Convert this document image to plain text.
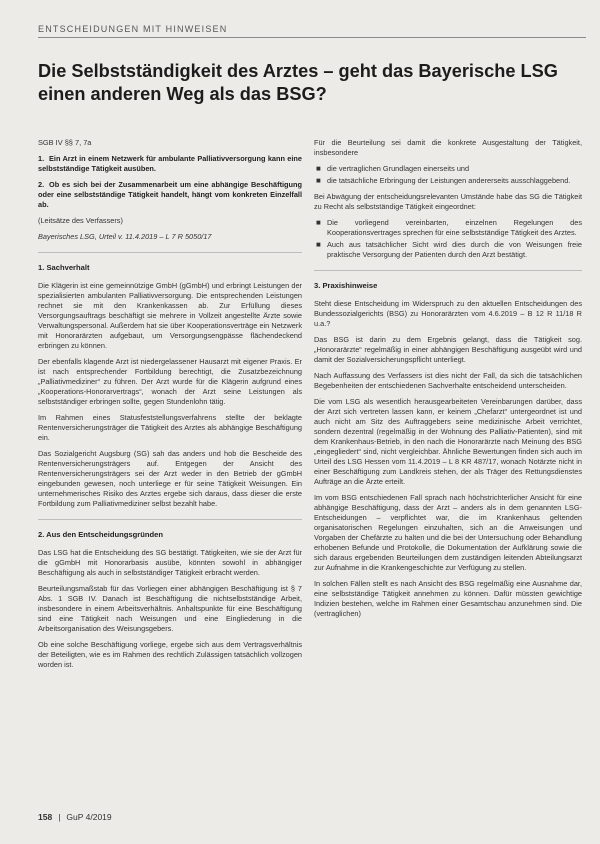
ENTSCHEIDUNGEN MIT HINWEISEN
Die Selbstständigkeit des Arztes – geht das Bayerische LSG einen anderen Weg als das BSG?
SGB IV §§ 7, 7a

1. Ein Arzt in einem Netzwerk für ambulante Palliativversorgung kann eine selbstständige Tätigkeit ausüben.

2. Ob es sich bei der Zusammenarbeit um eine abhängige Beschäftigung oder eine selbstständige Tätigkeit handelt, hängt vom konkreten Einzelfall ab.

(Leitsätze des Verfassers)

Bayerisches LSG, Urteil v. 11.4.2019 – L 7 R 5050/17

1. Sachverhalt

Die Klägerin ist eine gemeinnützige GmbH (gGmbH) und erbringt Leistungen der spezialisierten ambulanten Palliativversorgung. Die entsprechenden Leistungen rechnet sie mit den Krankenkassen ab. Zur Erfüllung dieses Versorgungsauftrags beschäftigt sie mehrere in Vollzeit angestellte Ärzte sowie Verwaltungspersonal. Außerdem hat sie über Kooperationsverträge ein Netzwerk mit Honorarärzten aufgebaut, um Versorgungsengpässe flächendeckend erbringen zu können.

Der ebenfalls klagende Arzt ist niedergelassener Hausarzt mit eigener Praxis. Er ist nach entsprechender Fortbildung berechtigt, die Zusatzbezeichnung „Palliativmediziner“ zu führen. Der Arzt wurde für die Klägerin aufgrund eines „Kooperations-Honorarvertrags“, wonach der Arzt seine Leistungen als selbstständiger erbringen sollte, gegen Stundenlohn tätig.

Im Rahmen eines Statusfeststellungsverfahrens stellte der beklagte Rentenversicherungsträger die Tätigkeit des Arztes als abhängige Beschäftigung ein.

Das Sozialgericht Augsburg (SG) sah das anders und hob die Bescheide des Rentenversicherungsträgers auf. Entgegen der Ansicht des Rentenversicherungsträgers sei der Arzt weder in den Betrieb der gGmbH eingebunden gewesen, noch unterliege er für seine Tätigkeit Weisungen. Ein unternehmerisches Risiko des Arztes ergebe sich daraus, dass dieser die erste Fortbildung zum Palliativmediziner selbst bezahlt habe.

2. Aus den Entscheidungsgründen

Das LSG hat die Entscheidung des SG bestätigt. Tätigkeiten, wie sie der Arzt für die gGmbH mit Honorarbasis ausübe, könnten sowohl in abhängiger Beschäftigung als auch in selbstständiger Tätigkeit erbracht werden.

Beurteilungsmaßstab für das Vorliegen einer abhängigen Beschäftigung ist § 7 Abs. 1 SGB IV. Danach ist Beschäftigung die nichtselbstständige Arbeit, insbesondere in einem Arbeitsverhältnis. Anhaltspunkte für eine Beschäftigung sind eine Tätigkeit nach Weisungen und eine Eingliederung in die Arbeitsorganisation des Weisungsgebers.

Ob eine solche Beschäftigung vorliege, ergebe sich aus dem Vertragsverhältnis der Beteiligten, wie es im Rahmen des rechtlich Zulässigen tatsächlich vollzogen worden ist.

Für die Beurteilung sei damit die konkrete Ausgestaltung der Tätigkeit, insbesondere

■ die vertraglichen Grundlagen einerseits und
■ die tatsächliche Erbringung der Leistungen andererseits ausschlaggebend.

Bei Abwägung der entscheidungsrelevanten Umstände habe das SG die Tätigkeit zu Recht als selbstständige Tätigkeit eingeordnet:

■ Die vorliegend vereinbarten, einzelnen Regelungen des Kooperationsvertrages sprechen für eine selbstständige Tätigkeit des Arztes.
■ Auch aus tatsächlicher Sicht wird dies durch die von Weisungen freie praktische Versorgung der Patienten durch den Arzt bestätigt.
3. Praxishinweise

Steht diese Entscheidung im Widerspruch zu den aktuellen Entscheidungen des Bundessozialgerichts (BSG) zu Honorarärzten vom 4.6.2019 – B 12 R 11/18 R u.a.?

Das BSG ist darin zu dem Ergebnis gelangt, dass die Tätigkeit sog. „Honorarärzte“ regelmäßig in einer abhängigen Beschäftigung ausgeübt wird und damit der Sozialversicherungspflicht unterliegt.

Nach Auffassung des Verfassers ist dies nicht der Fall, da sich die tatsächlichen Begebenheiten der entschiedenen Sachverhalte entscheidend unterscheiden.

Die vom LSG als wesentlich herausgearbeiteten Vereinbarungen darüber, dass der Arzt sich vertreten lassen kann, er keinem „Chefarzt“ untergeordnet ist und auch nicht am Sitz des Auftraggebers seine medizinische Arbeit verrichtet, sondern dezentral (regelmäßig in der Wohnung des Palliativ-Patienten), sind mit dem Krankenhaus-Betrieb, in den nach die Honorarärzte nach Meinung des BSG „eingegliedert“ sind, nicht vergleichbar. Ähnliche Bewertungen finden sich auch im Urteil des LSG Hessen vom 11.4.2019 – L 8 KR 487/17, wonach Notärzte nicht in einer Beschäftigung zum Landkreis stehen, der als Träger des Rettungsdienstes Aufträge an die Ärzte erteilt.

Im vom BSG entschiedenen Fall sprach nach höchstrichterlicher Ansicht für eine abhängige Beschäftigung, dass der Arzt – anders als in dem genannten LSG-Entscheidungen – verpflichtet war, die im Krankenhaus geltenden organisatorischen Regelungen einzuhalten, sich an die Anweisungen und Vorgaben der Chefärzte zu halten und die bei der Untersuchung oder Behandlung erhobenen Befunde und Protokolle, die Dokumentation der Aufklärung sowie die sich daraus ergebenden Beurteilungen dem zuständigen leitenden Abteilungsarzt zur Aufnahme in die Krankengeschichte zur Verfügung zu stellen.

In solchen Fällen stellt es nach Ansicht des BSG regelmäßig eine Ausnahme dar, eine selbstständige Tätigkeit annehmen zu können. Dafür müssten gewichtige Indizien bestehen, welche im Rahmen einer Gesamtschau anzunehmen sind. Die (vertraglichen)

158 | GuP 4/2019
